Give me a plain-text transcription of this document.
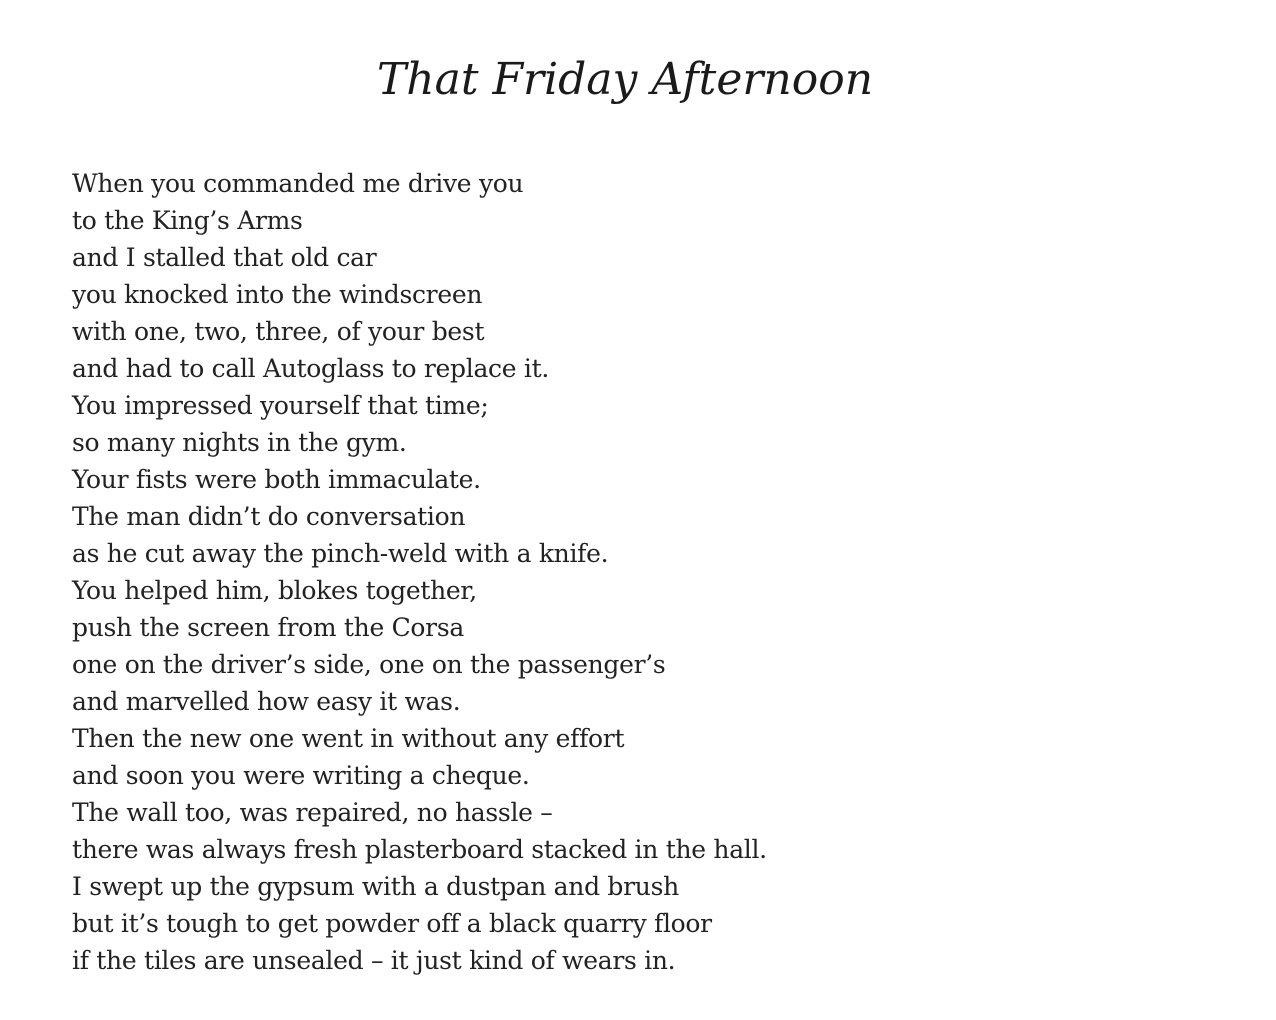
That Friday Afternoon
When you commanded me drive you
to the King’s Arms
and I stalled that old car
you knocked into the windscreen
with one, two, three, of your best
and had to call Autoglass to replace it.
You impressed yourself that time;
so many nights in the gym.
Your fists were both immaculate.
The man didn’t do conversation
as he cut away the pinch-weld with a knife.
You helped him, blokes together,
push the screen from the Corsa
one on the driver’s side, one on the passenger’s
and marvelled how easy it was.
Then the new one went in without any effort
and soon you were writing a cheque.
The wall too, was repaired, no hassle –
there was always fresh plasterboard stacked in the hall.
I swept up the gypsum with a dustpan and brush
but it’s tough to get powder off a black quarry floor
if the tiles are unsealed – it just kind of wears in.
